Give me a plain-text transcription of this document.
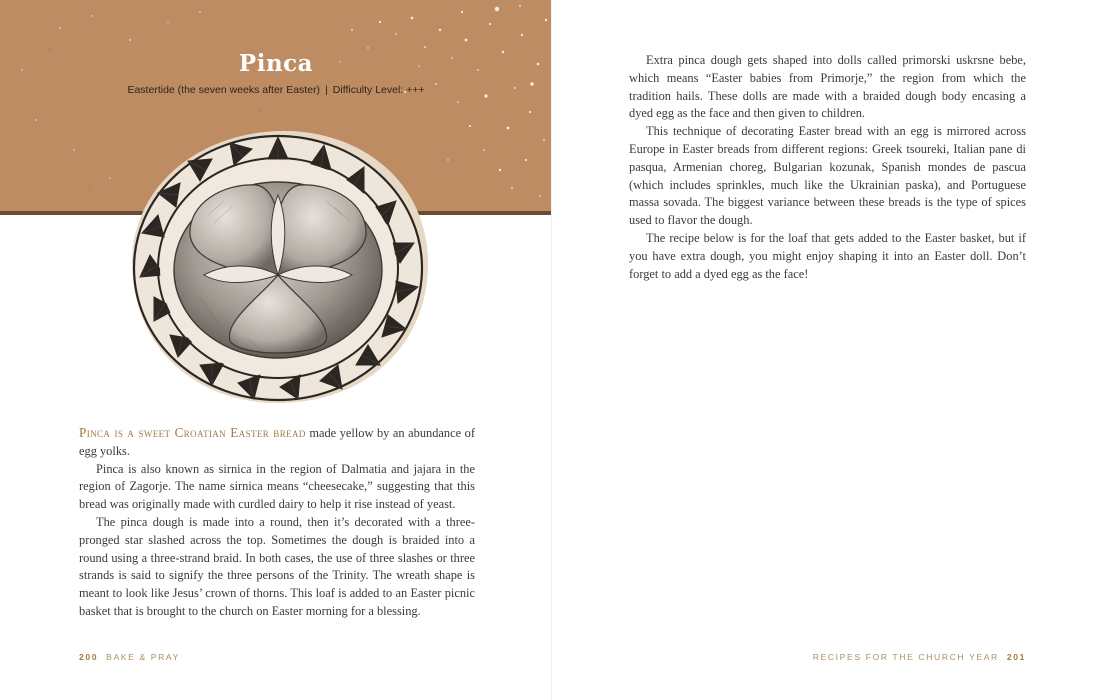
Pinca
Eastertide (the seven weeks after Easter) | Difficulty Level: +++

Pinca is a sweet Croatian Easter bread made yellow by an abundance of egg yolks.

Pinca is also known as sirnica in the region of Dalmatia and jajara in the region of Zagorje. The name sirnica means “cheesecake,” suggesting that this bread was originally made with curdled dairy to help it rise instead of yeast.

The pinca dough is made into a round, then it’s decorated with a three-pronged star slashed across the top. Sometimes the dough is braided into a round using a three-strand braid. In both cases, the use of three slashes or three strands is said to signify the three persons of the Trinity. The wreath shape is meant to look like Jesus’ crown of thorns. This loaf is added to an Easter picnic basket that is brought to the church on Easter morning for a blessing.

200 BAKE & PRAY	RECIPES FOR THE CHURCH YEAR 201

Extra pinca dough gets shaped into dolls called primorski uskrsne bebe, which means “Easter babies from Primorje,” the region from which the tradition hails. These dolls are made with a braided dough body encasing a dyed egg as the face and then given to children.

This technique of decorating Easter bread with an egg is mirrored across Europe in Easter breads from different regions: Greek tsoureki, Italian pane di pasqua, Armenian choreg, Bulgarian kozunak, Spanish mondes de pascua (which includes sprinkles, much like the Ukrainian paska), and Portuguese massa sovada. The biggest variance between these breads is the type of spices used to flavor the dough.

The recipe below is for the loaf that gets added to the Easter basket, but if you have extra dough, you might enjoy shaping it into an Easter doll. Don’t forget to add a dyed egg as the face!
